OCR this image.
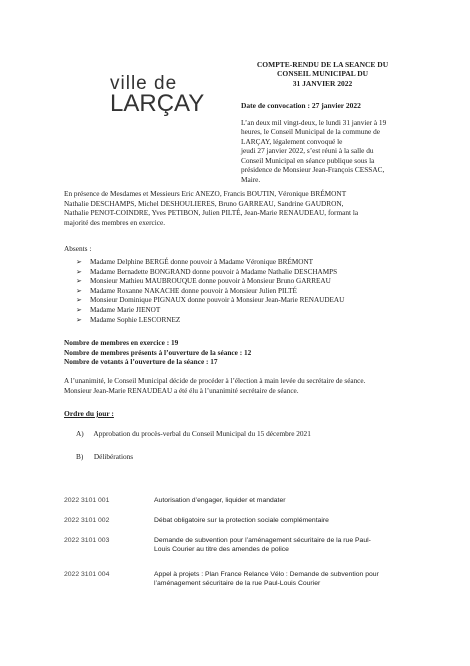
ville de
LARÇAY
COMPTE-RENDU DE LA SEANCE DU
CONSEIL MUNICIPAL DU
31 JANVIER 2022
Date de convocation : 27 janvier 2022
L’an deux mil vingt-deux, le lundi 31 janvier à 19
heures, le Conseil Municipal de la commune de
LARÇAY, légalement convoqué le
jeudi 27 janvier 2022, s’est réuni à la salle du
Conseil Municipal en séance publique sous la
présidence de Monsieur Jean-François CESSAC,
Maire.
En présence de Mesdames et Messieurs Eric ANEZO, Francis BOUTIN, Véronique BRÉMONT
Nathalie DESCHAMPS, Michel DESHOULIERES, Bruno GARREAU, Sandrine GAUDRON,
Nathalie PENOT-COINDRE, Yves PETIBON, Julien PILTÉ, Jean-Marie RENAUDEAU, formant la
majorité des membres en exercice.
Absents :
➢ Madame Delphine BERGÉ donne pouvoir à Madame Véronique BRÉMONT
➢ Madame Bernadette BONGRAND donne pouvoir à Madame Nathalie DESCHAMPS
➢ Monsieur Mathieu MAUBROUQUE donne pouvoir à Monsieur Bruno GARREAU
➢ Madame Roxanne NAKACHE donne pouvoir à Monsieur Julien PILTÉ
➢ Monsieur Dominique PIGNAUX donne pouvoir à Monsieur Jean-Marie RENAUDEAU
➢ Madame Marie JIENOT
➢ Madame Sophie LESCORNEZ
Nombre de membres en exercice : 19
Nombre de membres présents à l’ouverture de la séance : 12
Nombre de votants à l’ouverture de la séance : 17
A l’unanimité, le Conseil Municipal décide de procéder à l’élection à main levée du secrétaire de séance.
Monsieur Jean-Marie RENAUDEAU a été élu à l’unanimité secrétaire de séance.
Ordre du jour :
A) Approbation du procès-verbal du Conseil Municipal du 15 décembre 2021
B) Délibérations
2022 3101 001	Autorisation d’engager, liquider et mandater
2022 3101 002	Débat obligatoire sur la protection sociale complémentaire
2022 3101 003	Demande de subvention pour l’aménagement sécuritaire de la rue Paul-
Louis Courier au titre des amendes de police
2022 3101 004	Appel à projets : Plan France Relance Vélo : Demande de subvention pour
l’aménagement sécuritaire de la rue Paul-Louis Courier
